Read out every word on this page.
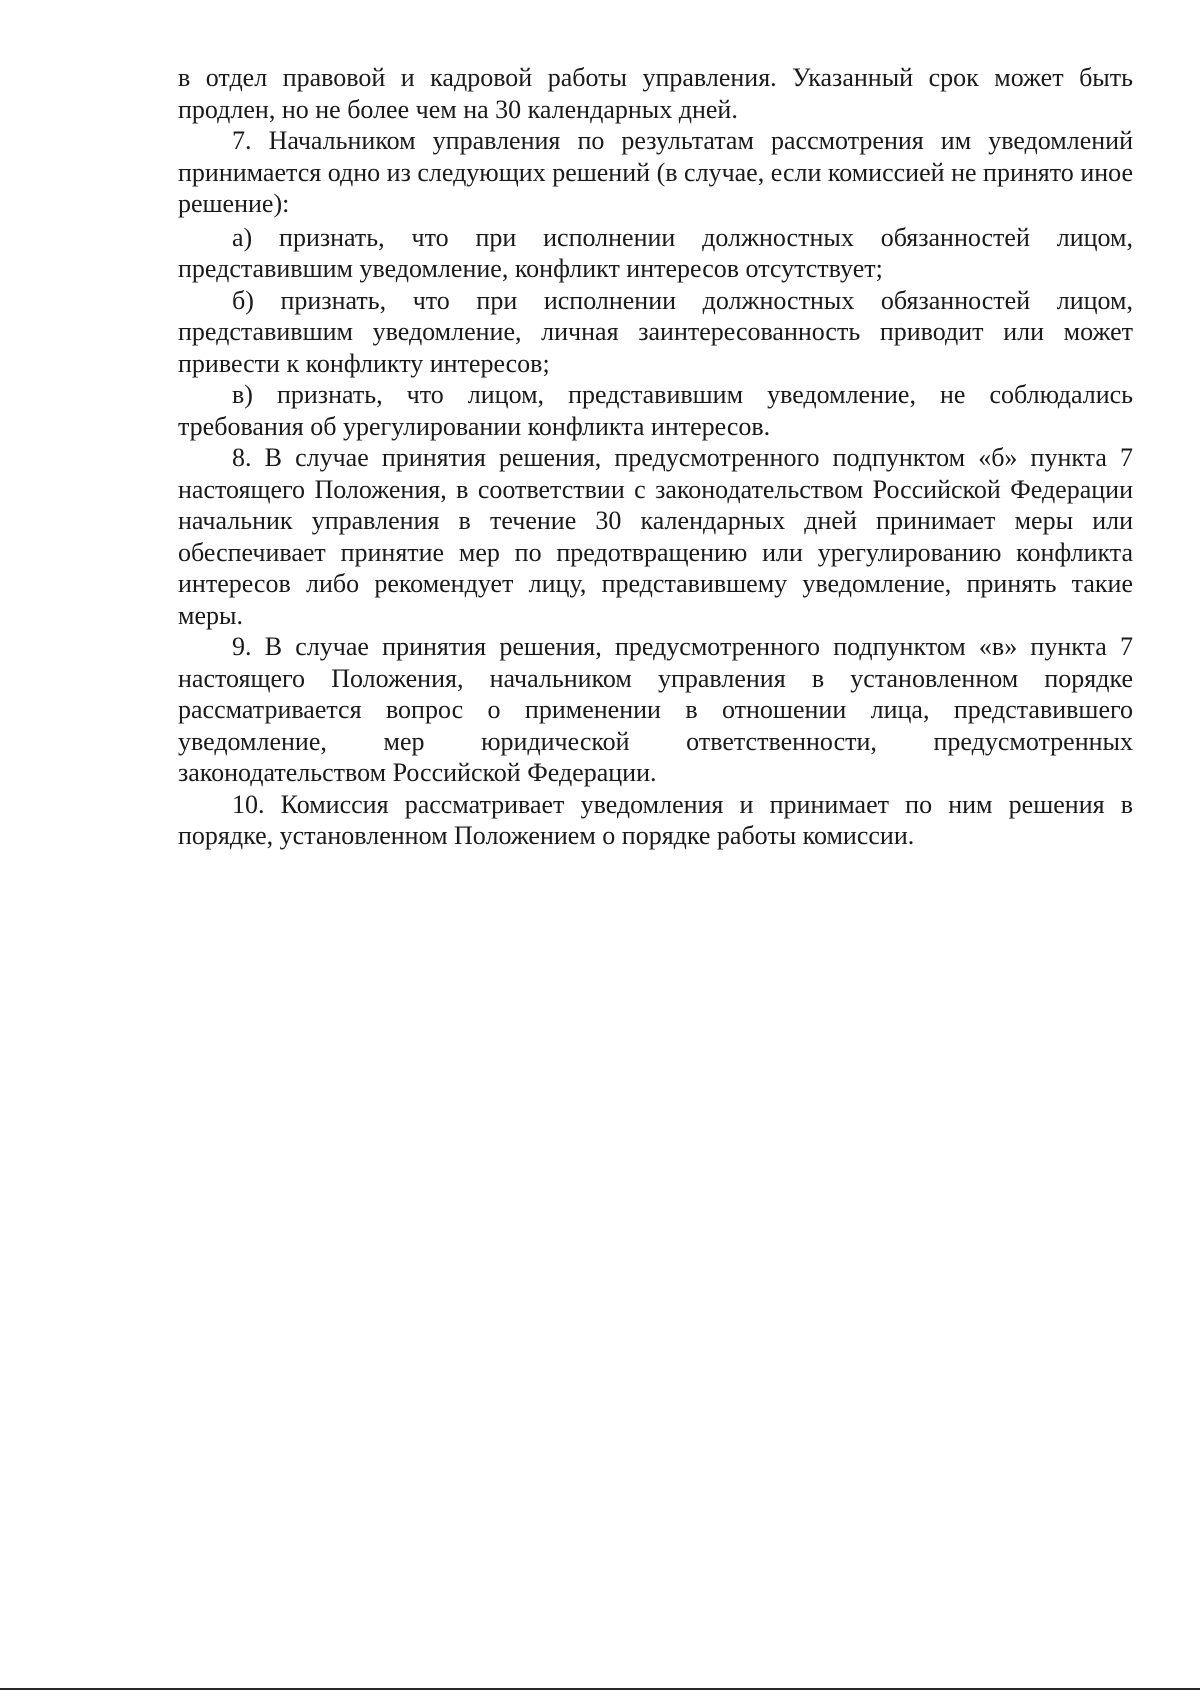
в отдел правовой и кадровой работы управления. Указанный срок может быть продлен, но не более чем на 30 календарных дней.

7. Начальником управления по результатам рассмотрения им уведомлений принимается одно из следующих решений (в случае, если комиссией не принято иное решение):

а) признать, что при исполнении должностных обязанностей лицом, представившим уведомление, конфликт интересов отсутствует;

б) признать, что при исполнении должностных обязанностей лицом, представившим уведомление, личная заинтересованность приводит или может привести к конфликту интересов;

в) признать, что лицом, представившим уведомление, не соблюдались требования об урегулировании конфликта интересов.

8. В случае принятия решения, предусмотренного подпунктом «б» пункта 7 настоящего Положения, в соответствии с законодательством Российской Федерации начальник управления в течение 30 календарных дней принимает меры или обеспечивает принятие мер по предотвращению или урегулированию конфликта интересов либо рекомендует лицу, представившему уведомление, принять такие меры.

9. В случае принятия решения, предусмотренного подпунктом «в» пункта 7 настоящего Положения, начальником управления в установленном порядке рассматривается вопрос о применении в отношении лица, представившего уведомление, мер юридической ответственности, предусмотренных законодательством Российской Федерации.

10. Комиссия рассматривает уведомления и принимает по ним решения в порядке, установленном Положением о порядке работы комиссии.
